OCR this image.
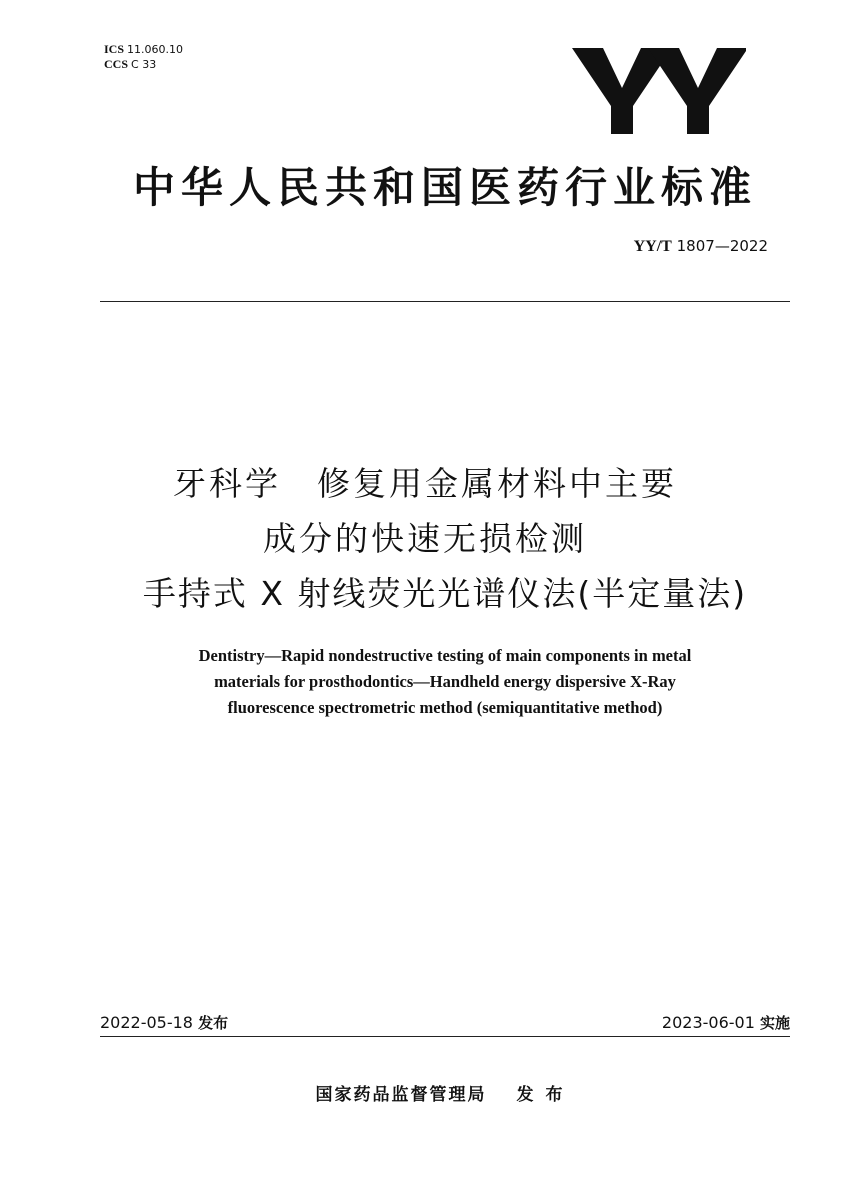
ICS 11.060.10
CCS C 33
中华人民共和国医药行业标准
YY/T 1807—2022
牙科学　修复用金属材料中主要
成分的快速无损检测
手持式 X 射线荧光光谱仪法(半定量法)
Dentistry—Rapid nondestructive testing of main components in metal
materials for prosthodontics—Handheld energy dispersive X-Ray
fluorescence spectrometric method (semiquantitative method)
2022-05-18 发布	2023-06-01 实施
国家药品监督管理局 发布
